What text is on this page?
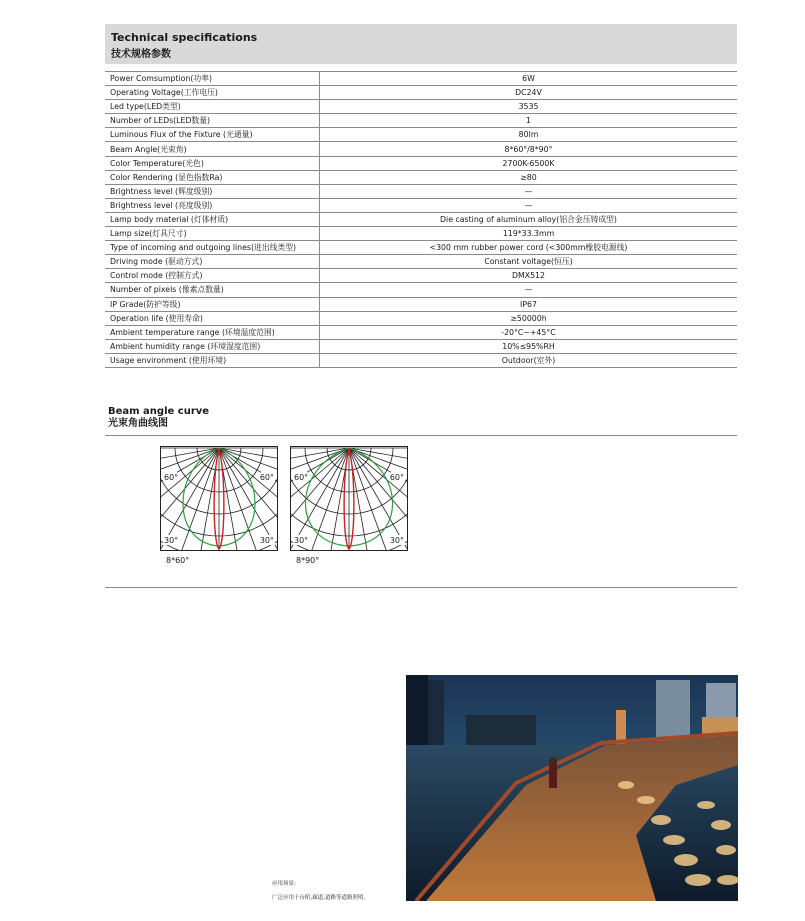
Technical specifications
技术规格参数
Power Comsumption(功率)	6W
Operating Voltage(工作电压)	DC24V
Led type(LED类型)	3535
Number of LEDs(LED数量)	1
Luminous Flux of the Fixture (光通量)	80lm
Beam Angle(光束角)	8*60°/8*90°
Color Temperature(光色)	2700K-6500K
Color Rendering (显色指数Ra)	≥80
Brightness level (辉度级别)	—
Brightness level (亮度级别)	—
Lamp body material (灯体材质)	Die casting of aluminum alloy(铝合金压铸成型)
Lamp size(灯具尺寸)	119*33.3mm
Type of incoming and outgoing lines(进出线类型)	<300 mm rubber power cord (<300mm橡胶电源线)
Driving mode (驱动方式)	Constant voltage(恒压)
Control mode (控制方式)	DMX512
Number of pixels (像素点数量)	—
IP Grade(防护等级)	IP67
Operation life (使用寿命)	≥50000h
Ambient temperature range (环境温度范围)	-20°C~+45°C
Ambient humidity range (环境湿度范围)	10%≤95%RH
Usage environment (使用环境)	Outdoor(室外)
Beam angle curve
光束角曲线图
60°	60°
30°	30°
8*60°
60°	60°
30°	30°
8*90°
应用场景:
广泛应用于台阶,廊道,道路等道路照明。
